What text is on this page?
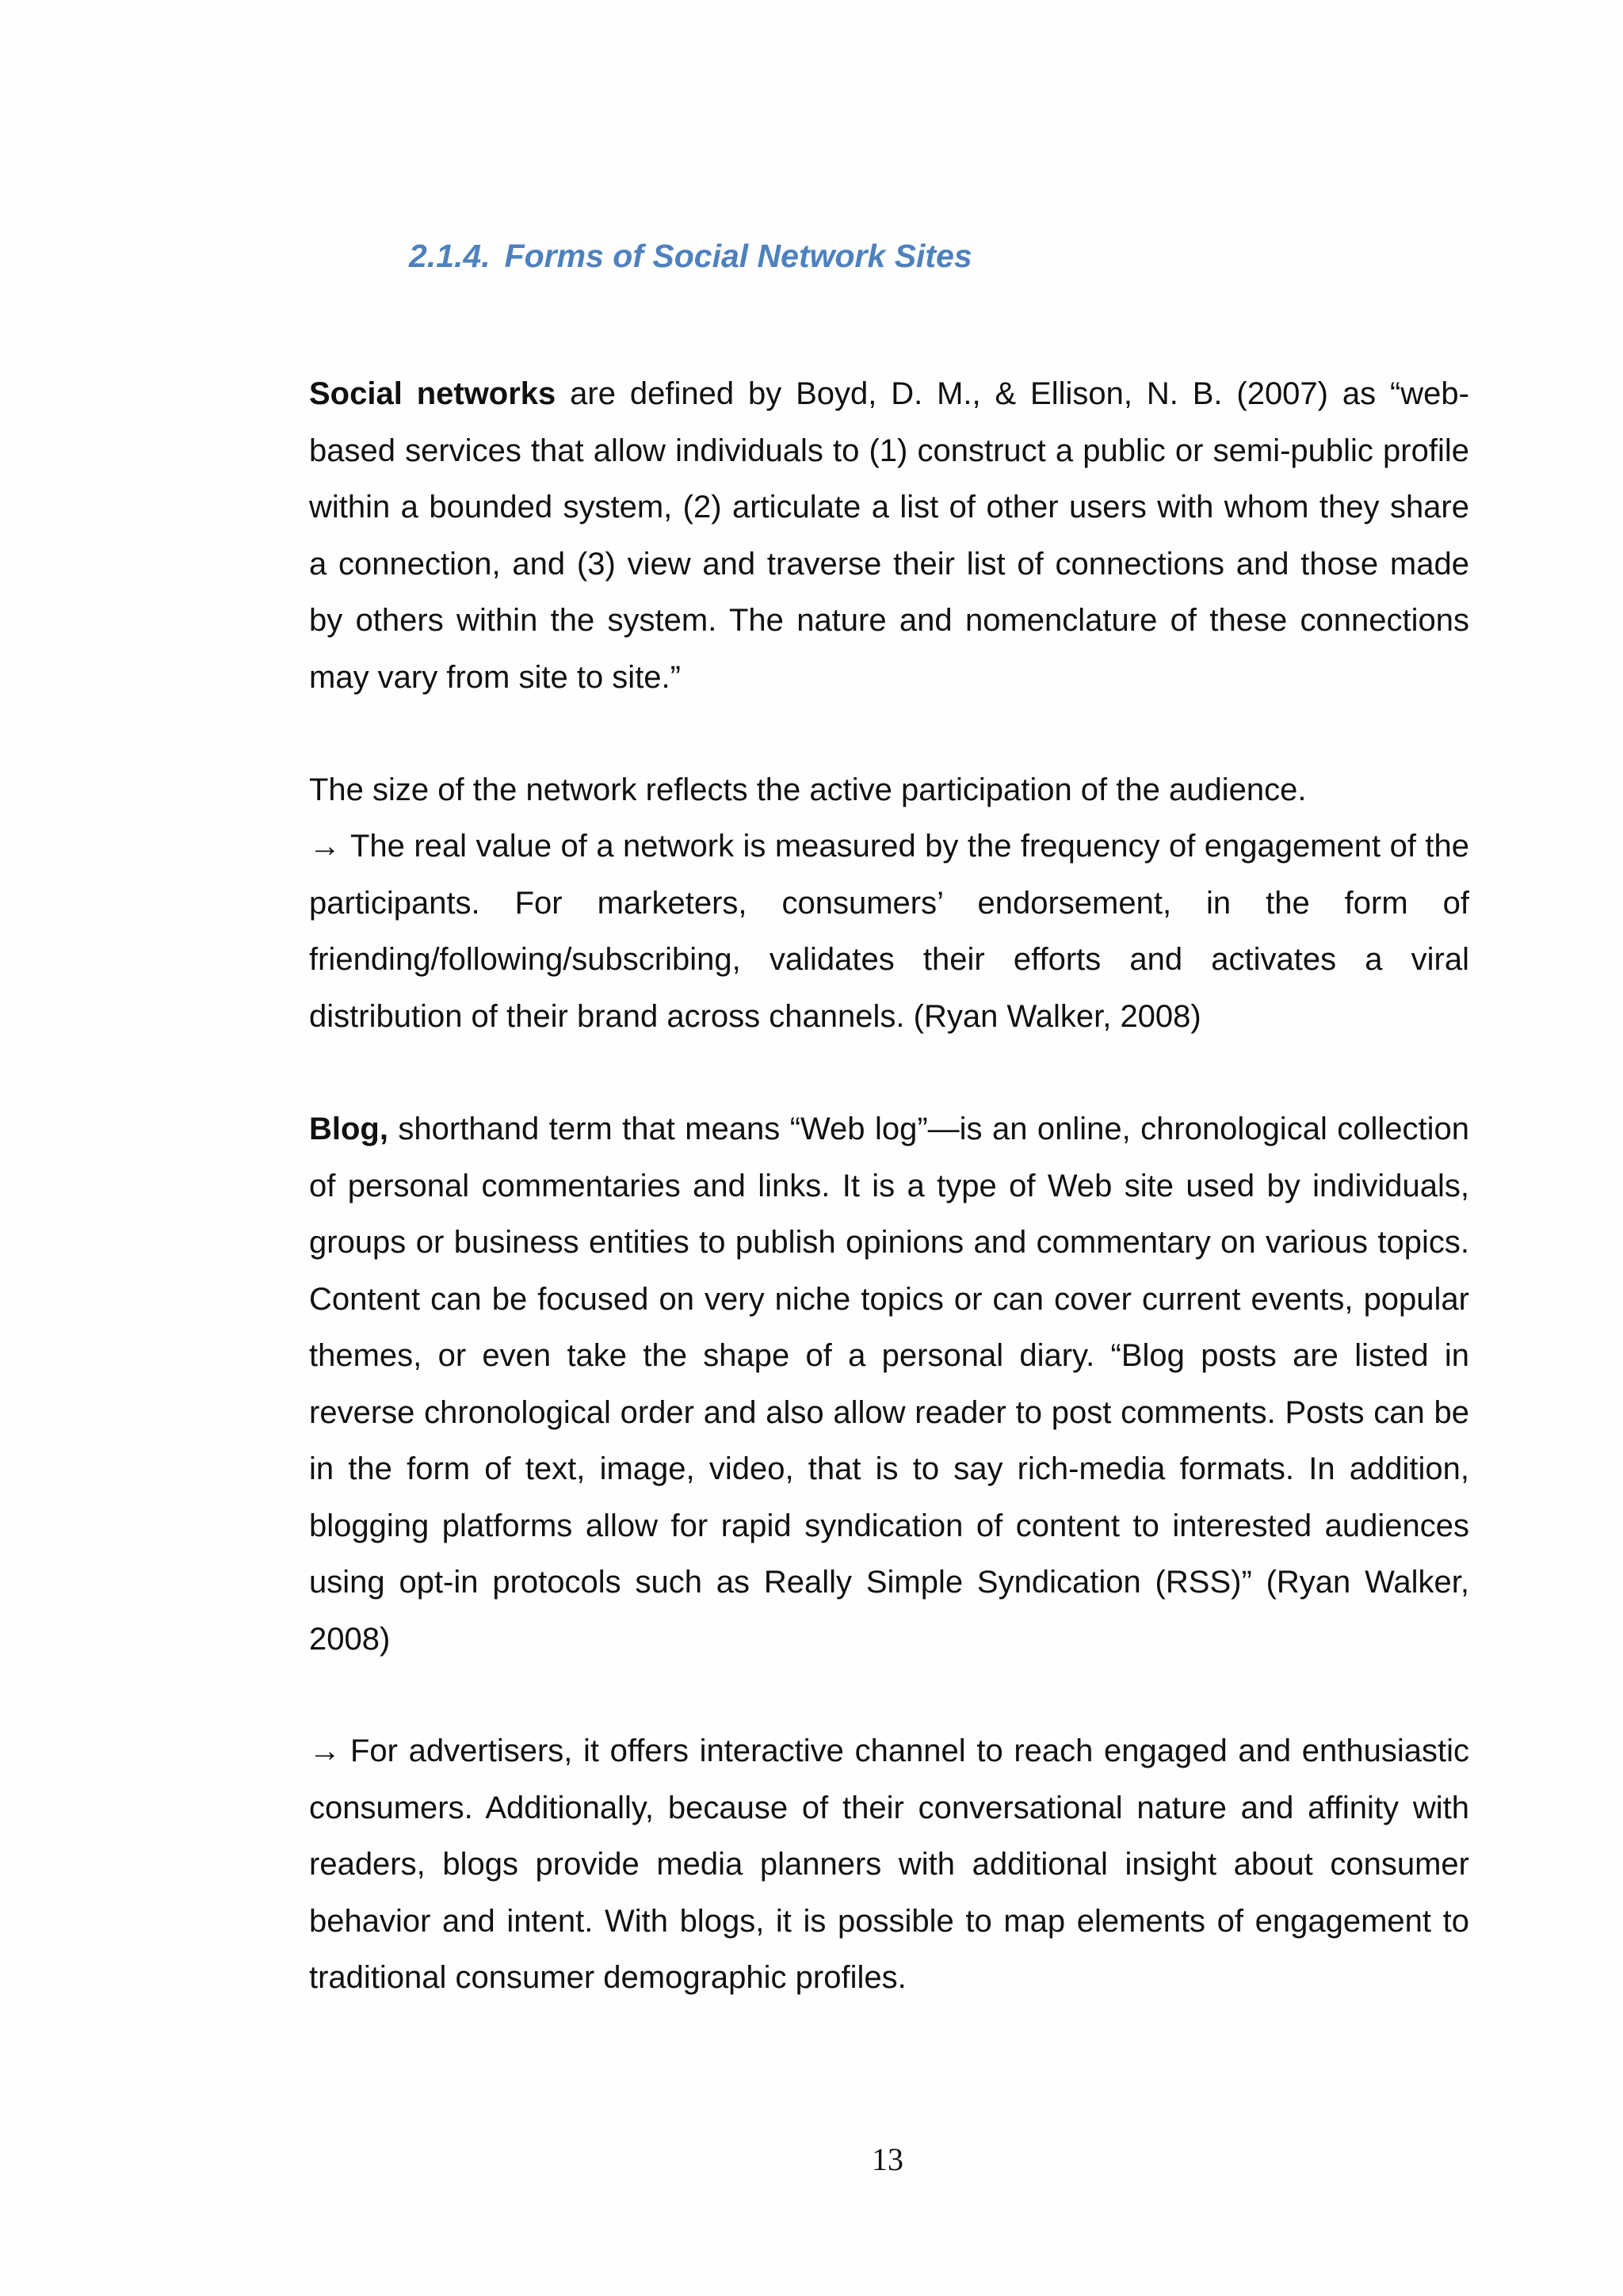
2.1.4. Forms of Social Network Sites

Social networks are defined by Boyd, D. M., & Ellison, N. B. (2007) as “web-based services that allow individuals to (1) construct a public or semi-public profile within a bounded system, (2) articulate a list of other users with whom they share a connection, and (3) view and traverse their list of connections and those made by others within the system. The nature and nomenclature of these connections may vary from site to site.”

The size of the network reflects the active participation of the audience.

→ The real value of a network is measured by the frequency of engagement of the participants. For marketers, consumers’ endorsement, in the form of friending/following/subscribing, validates their efforts and activates a viral distribution of their brand across channels. (Ryan Walker, 2008)

Blog, shorthand term that means “Web log”—is an online, chronological collection of personal commentaries and links. It is a type of Web site used by individuals, groups or business entities to publish opinions and commentary on various topics. Content can be focused on very niche topics or can cover current events, popular themes, or even take the shape of a personal diary. “Blog posts are listed in reverse chronological order and also allow reader to post comments. Posts can be in the form of text, image, video, that is to say rich-media formats. In addition, blogging platforms allow for rapid syndication of content to interested audiences using opt-in protocols such as Really Simple Syndication (RSS)” (Ryan Walker, 2008)

→ For advertisers, it offers interactive channel to reach engaged and enthusiastic consumers. Additionally, because of their conversational nature and affinity with readers, blogs provide media planners with additional insight about consumer behavior and intent. With blogs, it is possible to map elements of engagement to traditional consumer demographic profiles.

13
